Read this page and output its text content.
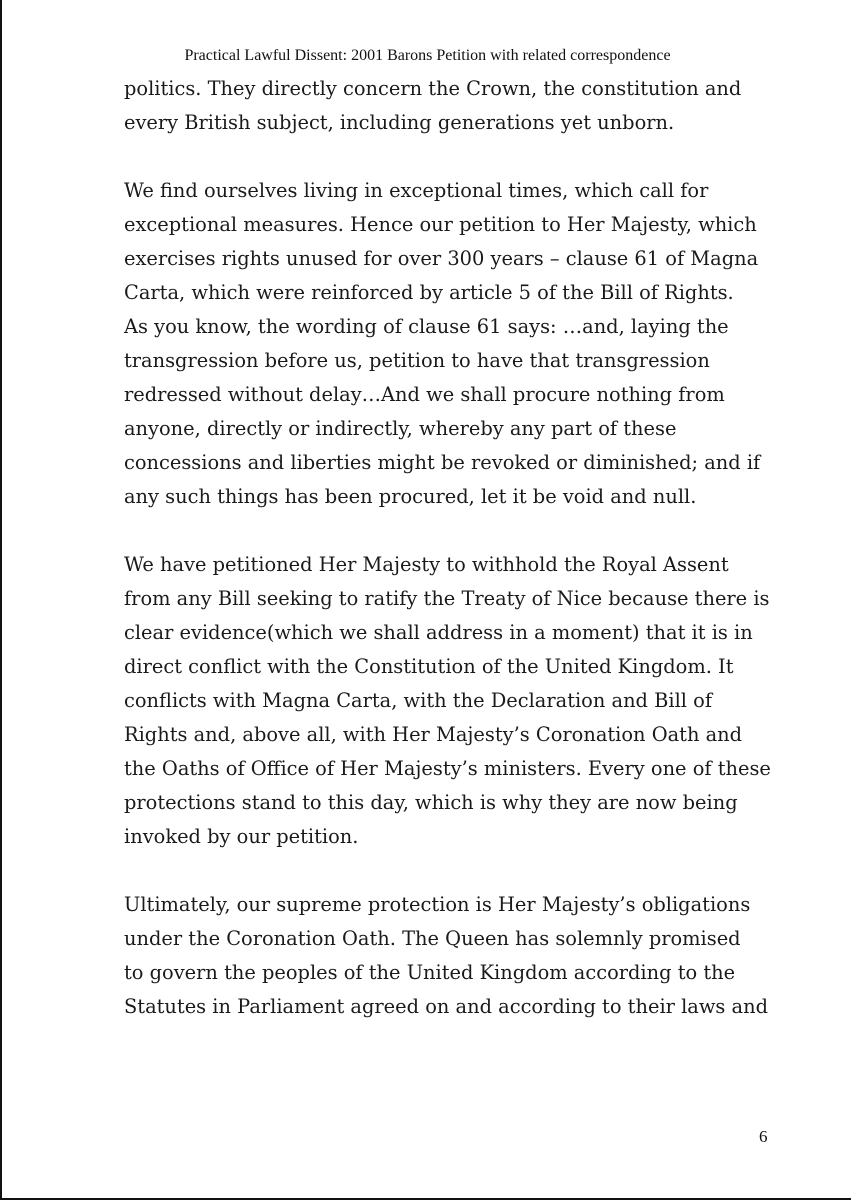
Practical Lawful Dissent: 2001 Barons Petition with related correspondence
politics. They directly concern the Crown, the constitution and
every British subject, including generations yet unborn.
We find ourselves living in exceptional times, which call for
exceptional measures. Hence our petition to Her Majesty, which
exercises rights unused for over 300 years – clause 61 of Magna
Carta, which were reinforced by article 5 of the Bill of Rights.
As you know, the wording of clause 61 says: …and, laying the
transgression before us, petition to have that transgression
redressed without delay…And we shall procure nothing from
anyone, directly or indirectly, whereby any part of these
concessions and liberties might be revoked or diminished; and if
any such things has been procured, let it be void and null.
We have petitioned Her Majesty to withhold the Royal Assent
from any Bill seeking to ratify the Treaty of Nice because there is
clear evidence(which we shall address in a moment) that it is in
direct conflict with the Constitution of the United Kingdom. It
conflicts with Magna Carta, with the Declaration and Bill of
Rights and, above all, with Her Majesty’s Coronation Oath and
the Oaths of Office of Her Majesty’s ministers. Every one of these
protections stand to this day, which is why they are now being
invoked by our petition.
Ultimately, our supreme protection is Her Majesty’s obligations
under the Coronation Oath. The Queen has solemnly promised
to govern the peoples of the United Kingdom according to the
Statutes in Parliament agreed on and according to their laws and
6
